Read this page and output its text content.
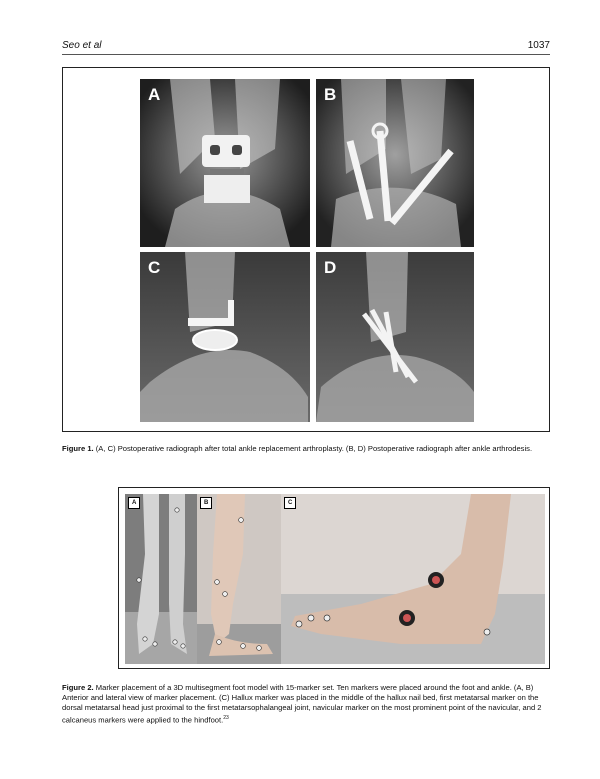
Seo et al	1037
A	B
C	D
Figure 1. (A, C) Postoperative radiograph after total ankle replacement arthroplasty. (B, D) Postoperative radiograph after ankle arthrodesis.
A	B	C
Figure 2. Marker placement of a 3D multisegment foot model with 15-marker set. Ten markers were placed around the foot and ankle. (A, B) Anterior and lateral view of marker placement. (C) Hallux marker was placed in the middle of the hallux nail bed, first metatarsal marker on the dorsal metatarsal head just proximal to the first metatarsophalangeal joint, navicular marker on the most prominent point of the navicular, and 2 calcaneus markers were applied to the hindfoot.$^{23}$
